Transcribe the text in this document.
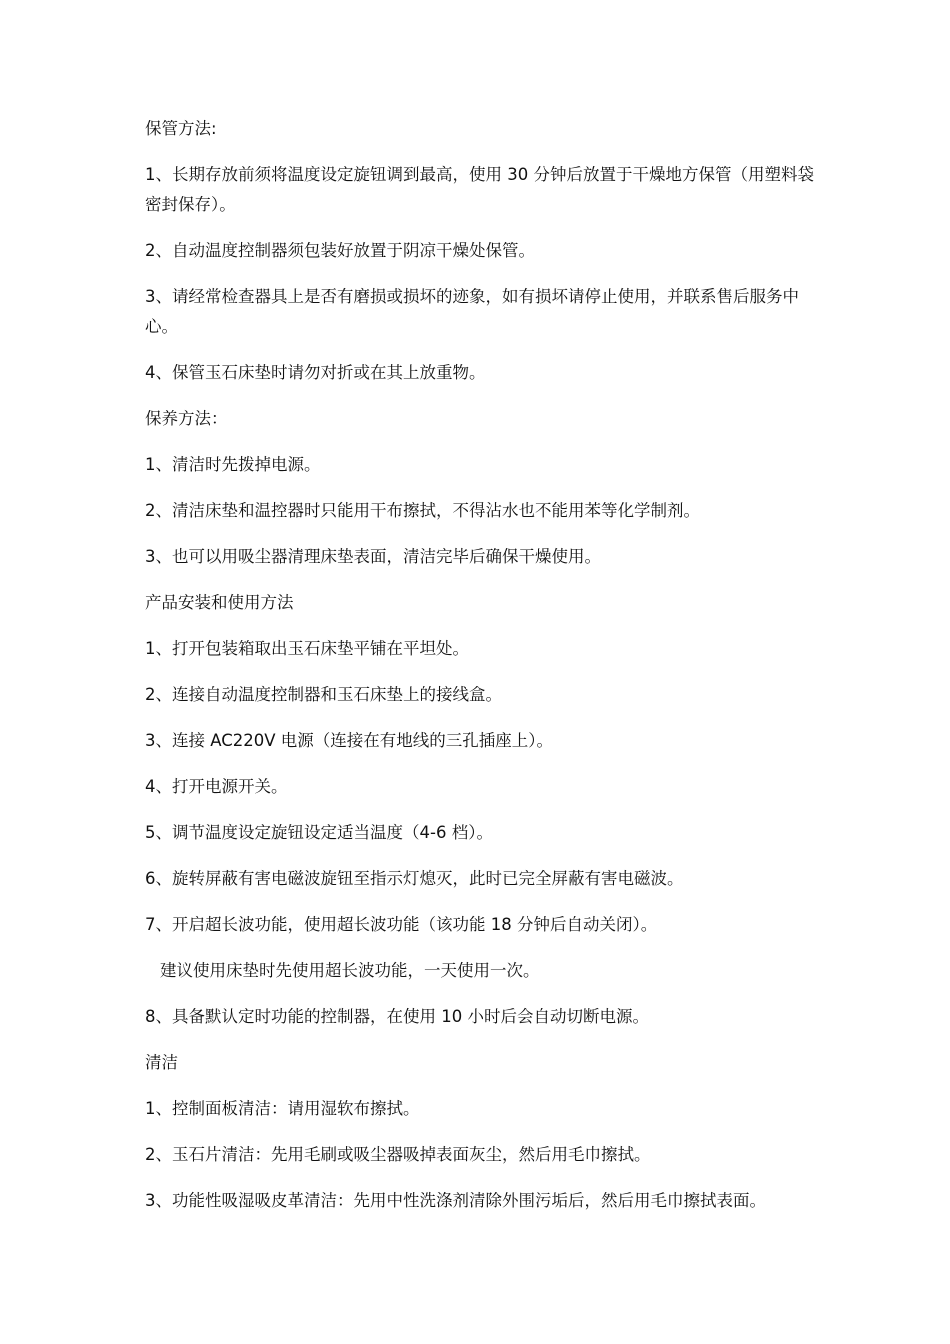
保管方法:

1、长期存放前须将温度设定旋钮调到最高，使用 30 分钟后放置于干燥地方保管（用塑料袋密封保存）。

2、自动温度控制器须包装好放置于阴凉干燥处保管。

3、请经常检查器具上是否有磨损或损坏的迹象，如有损坏请停止使用，并联系售后服务中心。

4、保管玉石床垫时请勿对折或在其上放重物。

保养方法：

1、清洁时先拨掉电源。

2、清洁床垫和温控器时只能用干布擦拭，不得沾水也不能用苯等化学制剂。

3、也可以用吸尘器清理床垫表面，清洁完毕后确保干燥使用。

产品安装和使用方法

1、打开包装箱取出玉石床垫平铺在平坦处。

2、连接自动温度控制器和玉石床垫上的接线盒。

3、连接 AC220V 电源（连接在有地线的三孔插座上）。

4、打开电源开关。

5、调节温度设定旋钮设定适当温度（4-6 档）。

6、旋转屏蔽有害电磁波旋钮至指示灯熄灭，此时已完全屏蔽有害电磁波。

7、开启超长波功能，使用超长波功能（该功能 18 分钟后自动关闭）。

建议使用床垫时先使用超长波功能，一天使用一次。

8、具备默认定时功能的控制器，在使用 10 小时后会自动切断电源。

清洁

1、控制面板清洁：请用湿软布擦拭。

2、玉石片清洁：先用毛刷或吸尘器吸掉表面灰尘，然后用毛巾擦拭。

3、功能性吸湿吸皮革清洁：先用中性洗涤剂清除外围污垢后，然后用毛巾擦拭表面。
